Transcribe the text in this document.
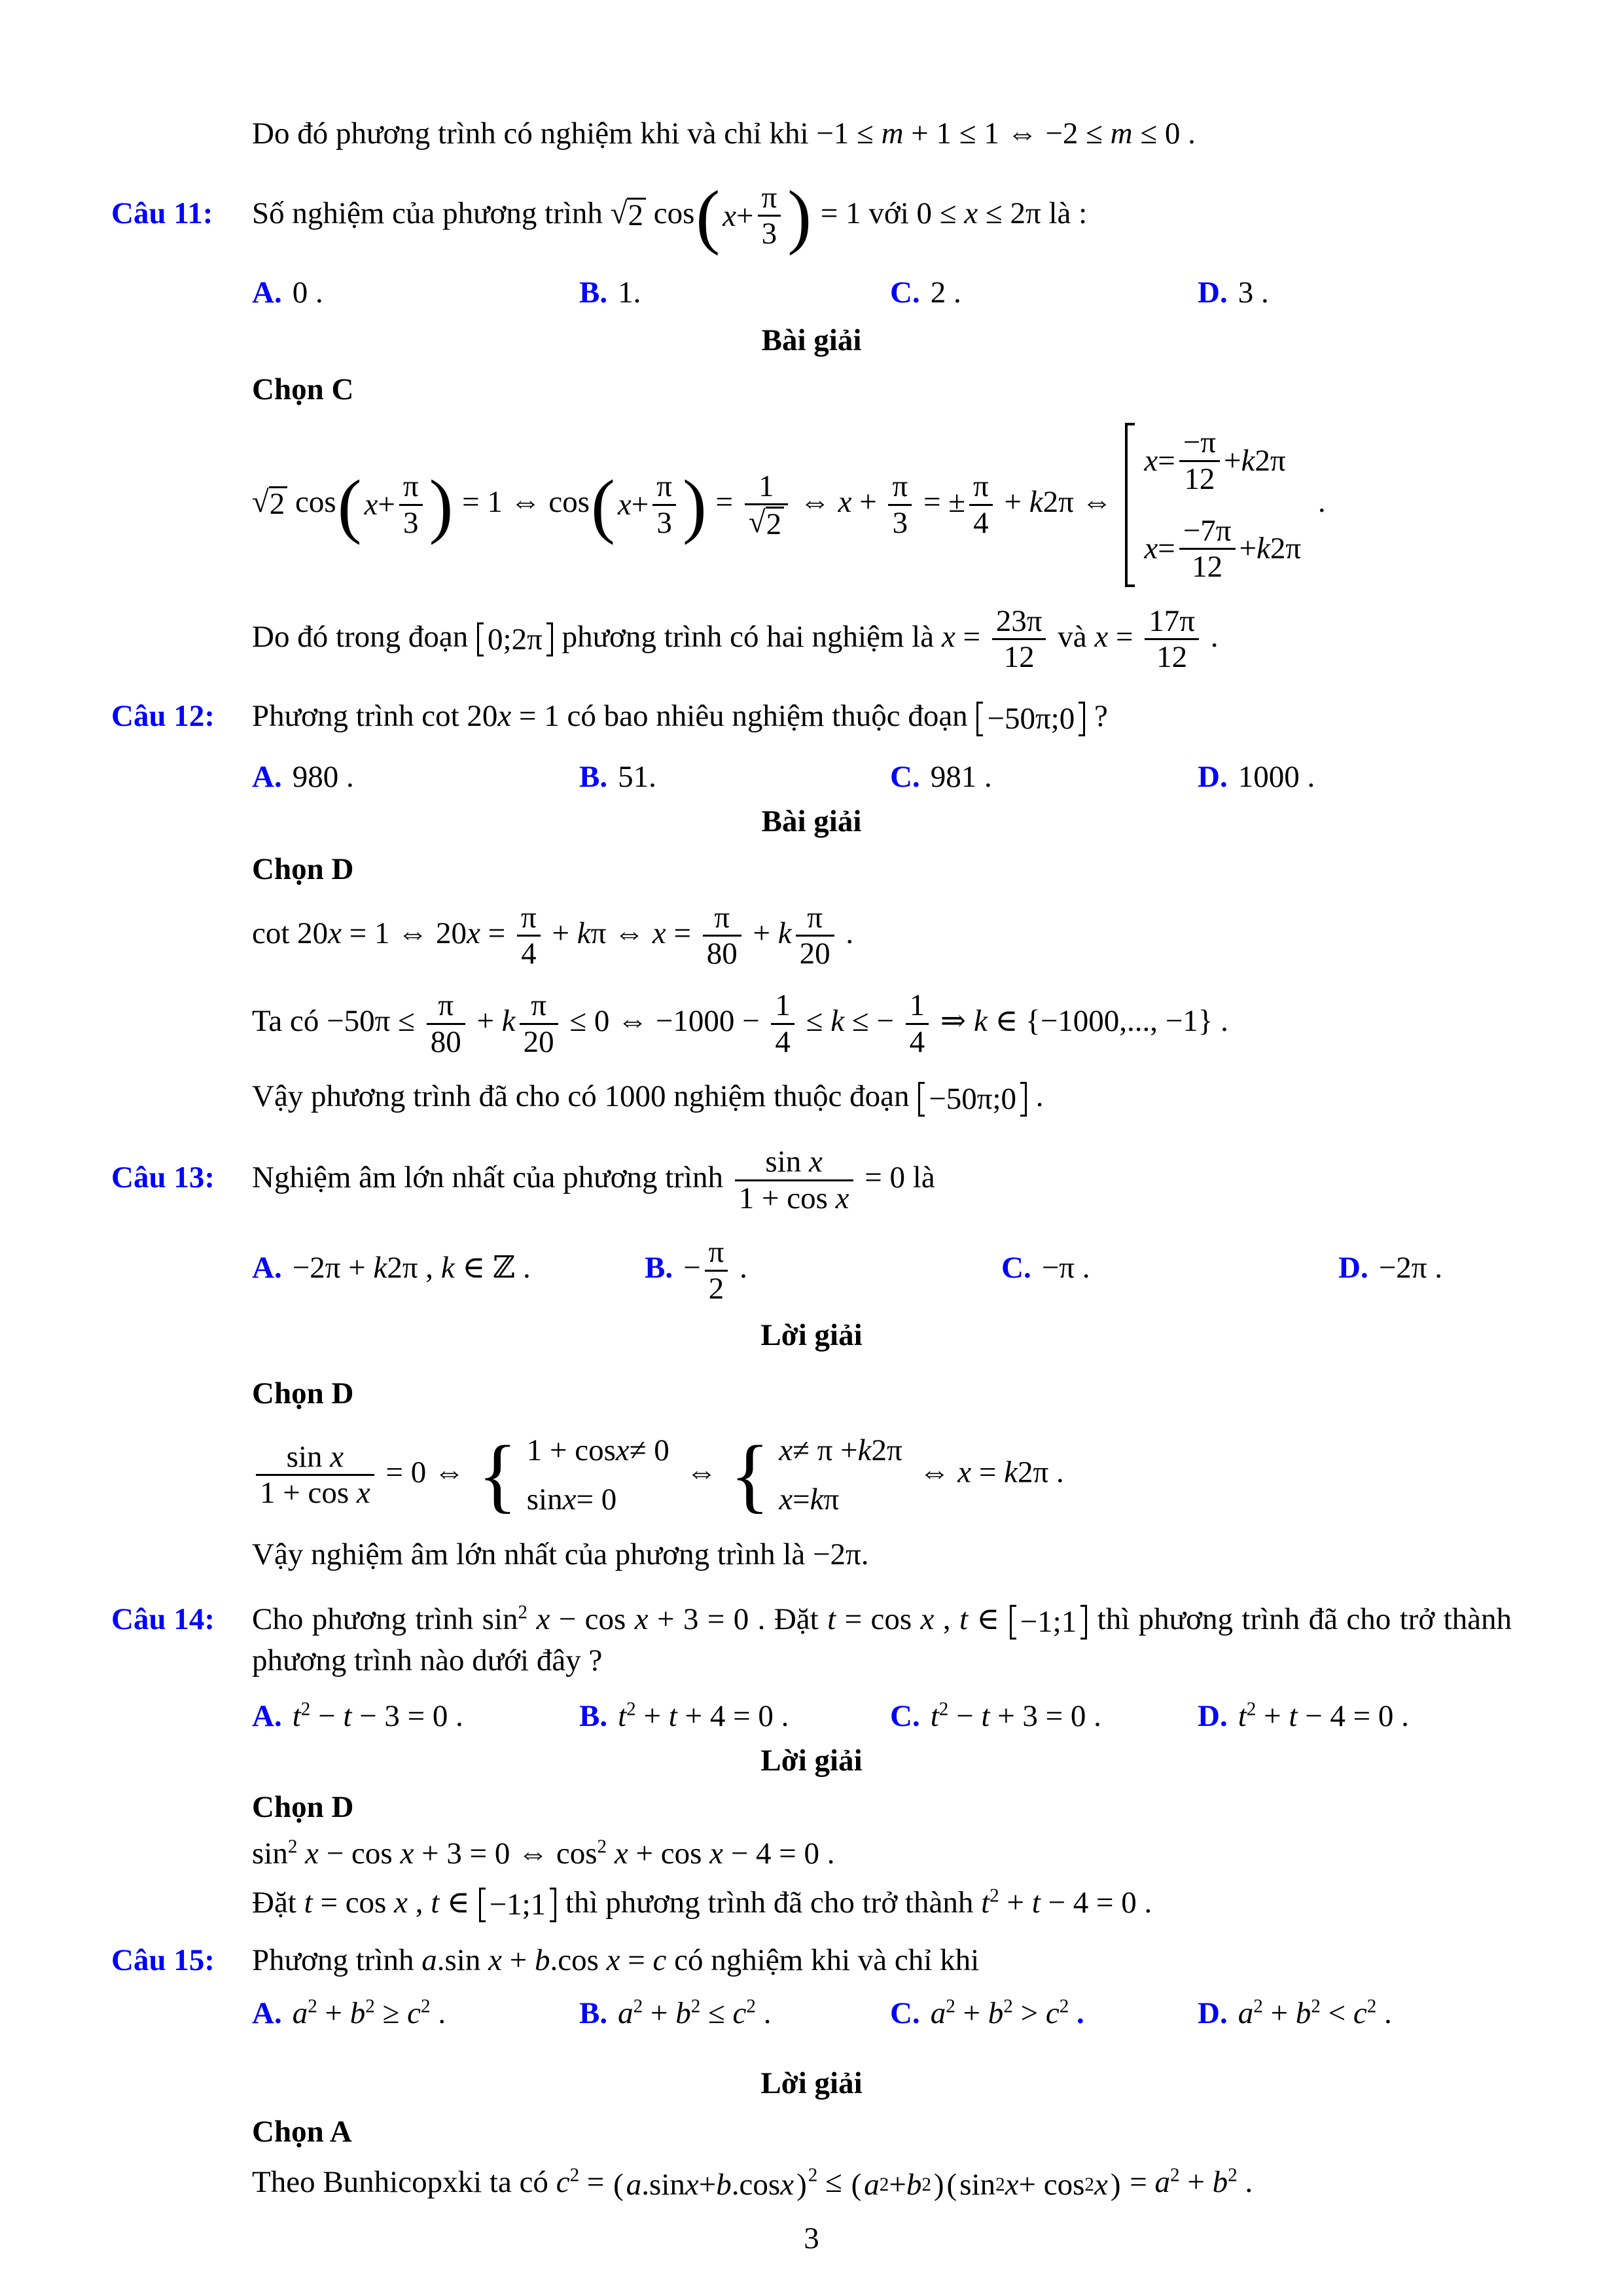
Do đó phương trình có nghiệm khi và chỉ khi −1 ≤ m + 1 ≤ 1 ⇔ −2 ≤ m ≤ 0 .

Câu 11:	Số nghiệm của phương trình √ 2 cos ( $x + \frac{\pi}{3}$ ) = 1 với 0 ≤ x ≤ 2π là :
A. 0 .	B. 1.	C. 2 .	D. 3 .

Bài giải

Chọn C

√ 2 cos ( $x + \frac{\pi}{3}$ ) = 1 ⇔ cos ( $x + \frac{\pi}{3}$ ) = $\frac{1}{√ 2}$ ⇔ $x + \frac{\pi}{3}$ = ± $\frac{\pi}{4} + k2\pi$ ⇔
$x = \frac{-\pi}{12} + k$ 2π
$x = \frac{-7\pi}{12} + k$ 2π
.

Do đó trong đoạn 0;2π phương trình có hai nghiệm là $x = \frac{23\pi}{12}$ và $x = \frac{17\pi}{12}$ .

Câu 12:	Phương trình cot 20x = 1 có bao nhiêu nghiệm thuộc đoạn −50π;0 ?
A. 980 .	B. 51.	C. 981 .	D. 1000 .

Bài giải

Chọn D

cot 20x = 1 ⇔ $20x = \frac{\pi}{4} + k\pi$ ⇔ $x = \frac{\pi}{80} + k \frac{\pi}{20}$ .

Ta có $-50\pi \le \frac{\pi}{80} + k \frac{\pi}{20} \le 0$ ⇔ $-1000 - \frac{1}{4} \le k$ ≤ − $\frac{1}{4}$ ⇒ k ∈ {−1000,..., −1} .

Vậy phương trình đã cho có 1000 nghiệm thuộc đoạn −50π;0 .

Câu 13:	Nghiệm âm lớn nhất của phương trình $\frac{\text{sin x}}{\text{1 + cos x}} = 0$ là
A. −2π + k2π , k ∈ ℤ .	B. − $\frac{\pi}{2}$ .	C. −π .	D. −2π .

Lời giải

Chọn D

$\frac{\text{sin x}}{\text{1 + cos x}} = 0$ ⇔ { 1 + cos x ≠ 0
sin x = 0
⇔ { x ≠ π + k 2π
x = k π
⇔ x = k2π .

Vậy nghiệm âm lớn nhất của phương trình là −2π.

Câu 14:	Cho phương trình $\sin^2 x - \cos x + 3 = 0$ . Đặt t = cos x , t ∈ −1;1 thì phương trình đã cho trở thành phương trình nào dưới đây ?
A. $t^2 - t - 3 = 0$ .	B. $t^2 + t + 4 = 0$ .	C. $t^2 - t + 3 = 0$ .	D. $t^2 + t - 4 = 0$ .

Lời giải

Chọn D

$\sin^2 x - \cos x + 3 = 0$ ⇔ $\cos^2 x + \cos x - 4 = 0$ .

Đặt t = cos x , t ∈ −1;1 thì phương trình đã cho trở thành $t^2 + t - 4 = 0$ .

Câu 15:	Phương trình a.sin x + b.cos x = c có nghiệm khi và chỉ khi
A. $a^2 + b^2 \ge c^2$ .	B. $a^2 + b^2 \le c^2$ .	C. $a^2 + b^2 > c^2$ .	D. $a^2 + b^2 < c^2$ .

Lời giải

Chọn A

Theo Bunhicopxki ta có $c^2$ = ( a .sin x + b .cos x ) $^2$ ≤ ( a 2 + b 2 ) ( sin 2 x + cos 2 x ) = $a^2 + b^2$ .

3
